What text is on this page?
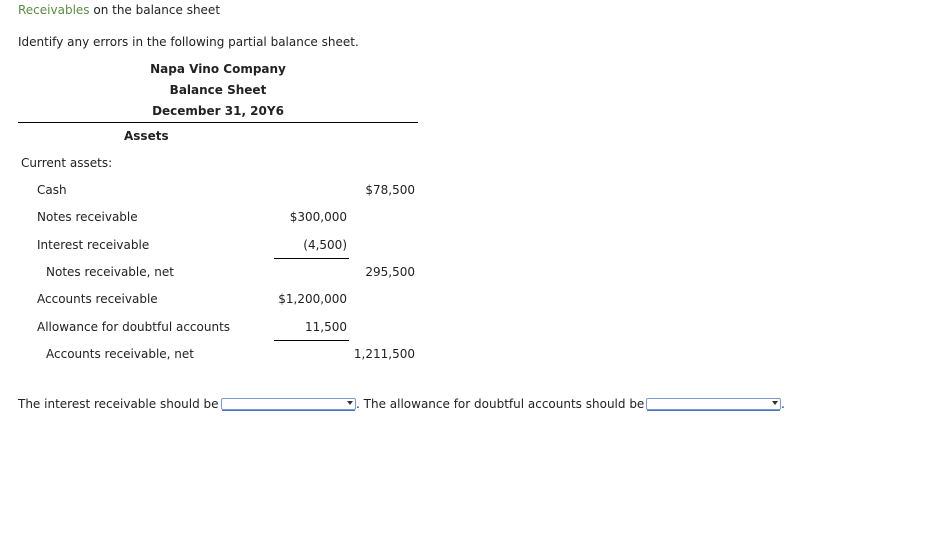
Receivables on the balance sheet
Identify any errors in the following partial balance sheet.
Napa Vino Company
Balance Sheet
December 31, 20Y6
Assets
Current assets:
Cash	$78,500
Notes receivable	$300,000
Interest receivable	(4,500)
Notes receivable, net	295,500
Accounts receivable	$1,200,000
Allowance for doubtful accounts	11,500
Accounts receivable, net	1,211,500
The interest receivable should be	. The allowance for doubtful accounts should be	.
